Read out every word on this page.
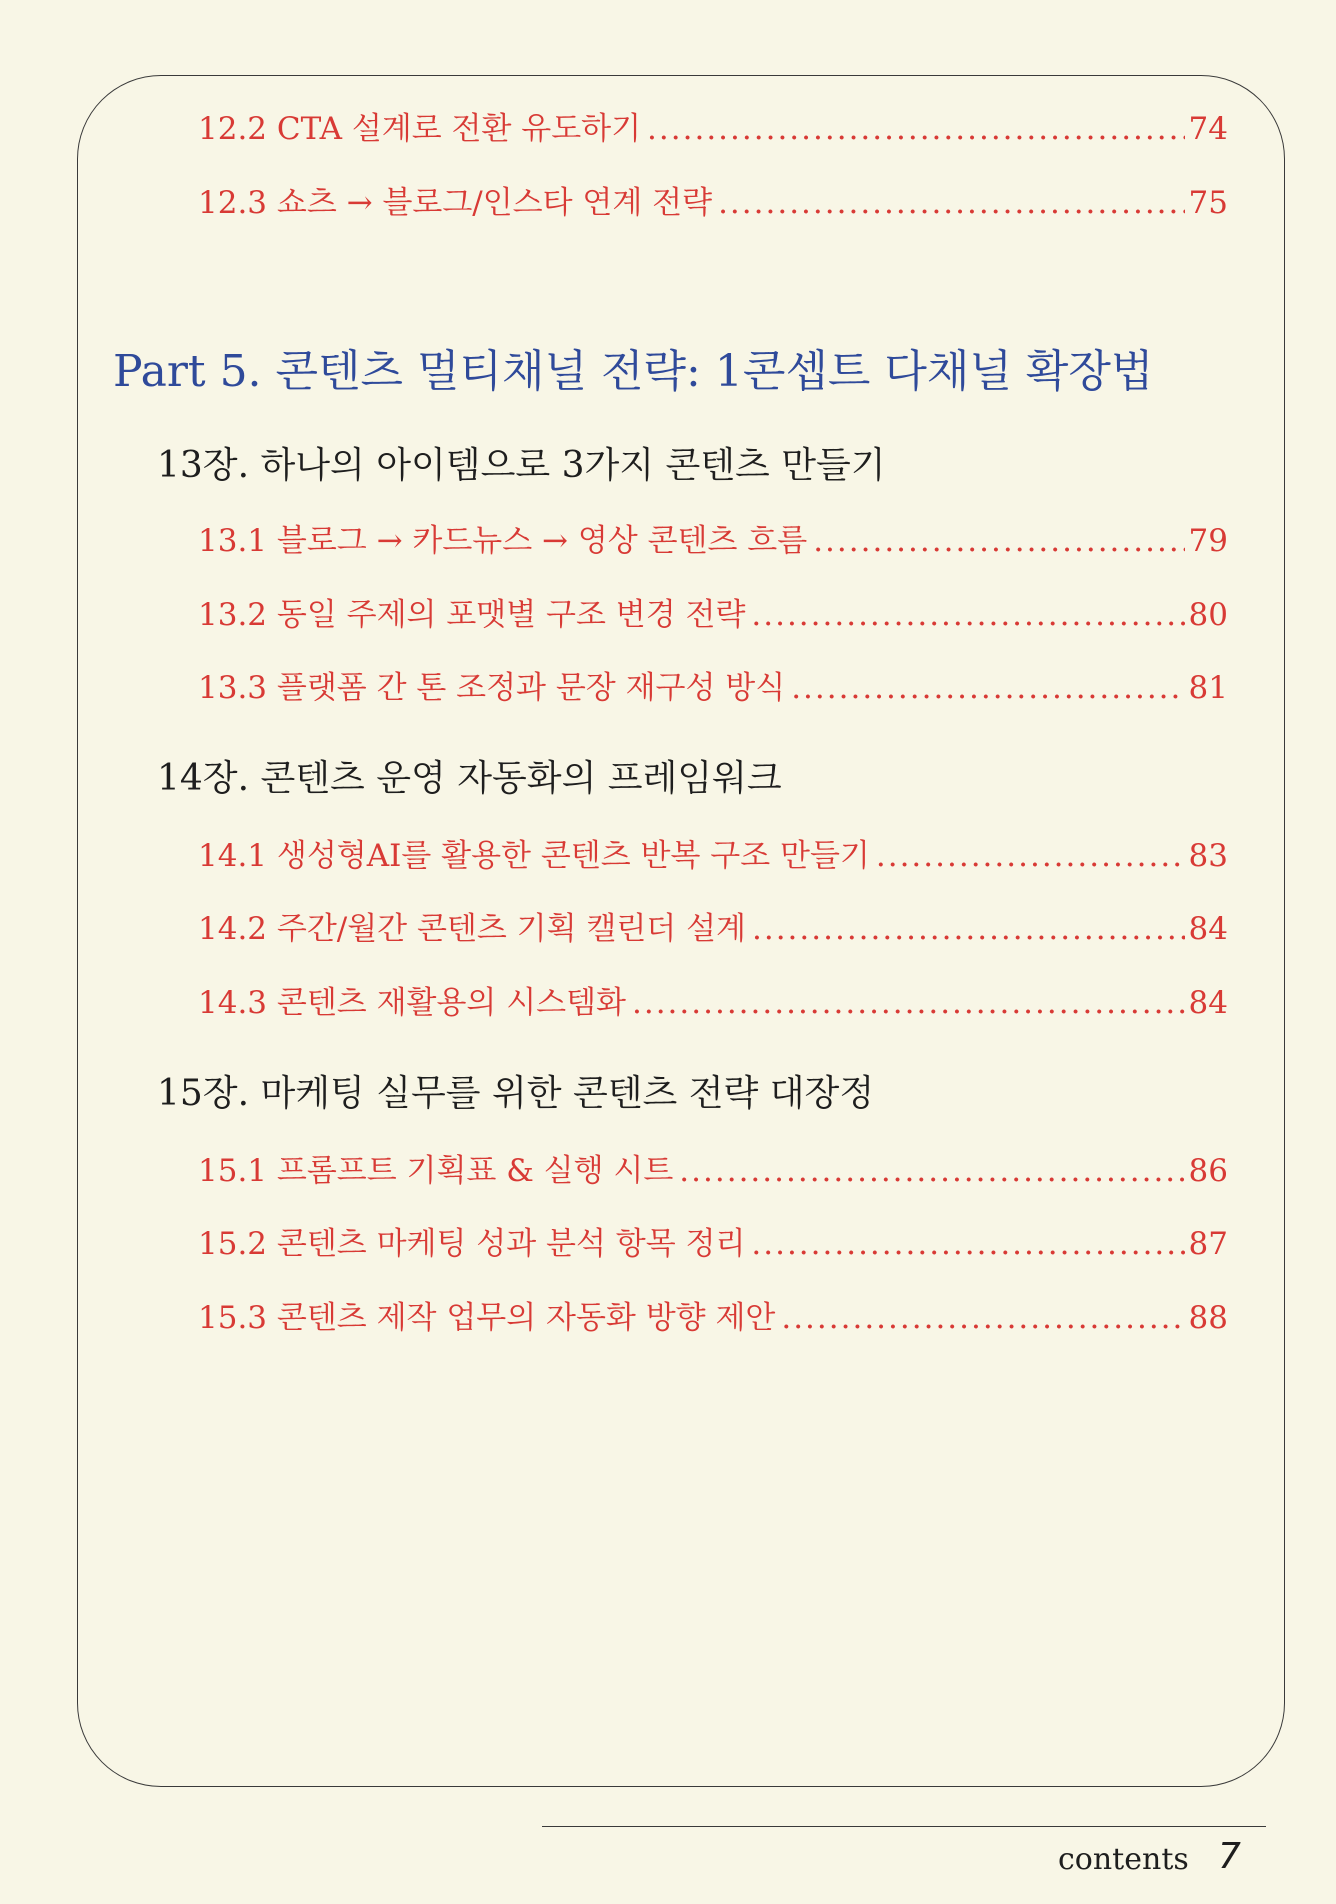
12.2 CTA 설계로 전환 유도하기 .....	74
12.3 쇼츠 → 블로그/인스타 연계 전략 .....	75
Part 5. 콘텐츠 멀티채널 전략: 1콘셉트 다채널 확장법
13장. 하나의 아이템으로 3가지 콘텐츠 만들기
13.1 블로그 → 카드뉴스 → 영상 콘텐츠 흐름 .....	79
13.2 동일 주제의 포맷별 구조 변경 전략 .....	80
13.3 플랫폼 간 톤 조정과 문장 재구성 방식 .....	81
14장. 콘텐츠 운영 자동화의 프레임워크
14.1 생성형AI를 활용한 콘텐츠 반복 구조 만들기 .....	83
14.2 주간/월간 콘텐츠 기획 캘린더 설계 .....	84
14.3 콘텐츠 재활용의 시스템화 .....	84
15장. 마케팅 실무를 위한 콘텐츠 전략 대장정
15.1 프롬프트 기획표 & 실행 시트 .....	86
15.2 콘텐츠 마케팅 성과 분석 항목 정리 .....	87
15.3 콘텐츠 제작 업무의 자동화 방향 제안 .....	88
contents 7
